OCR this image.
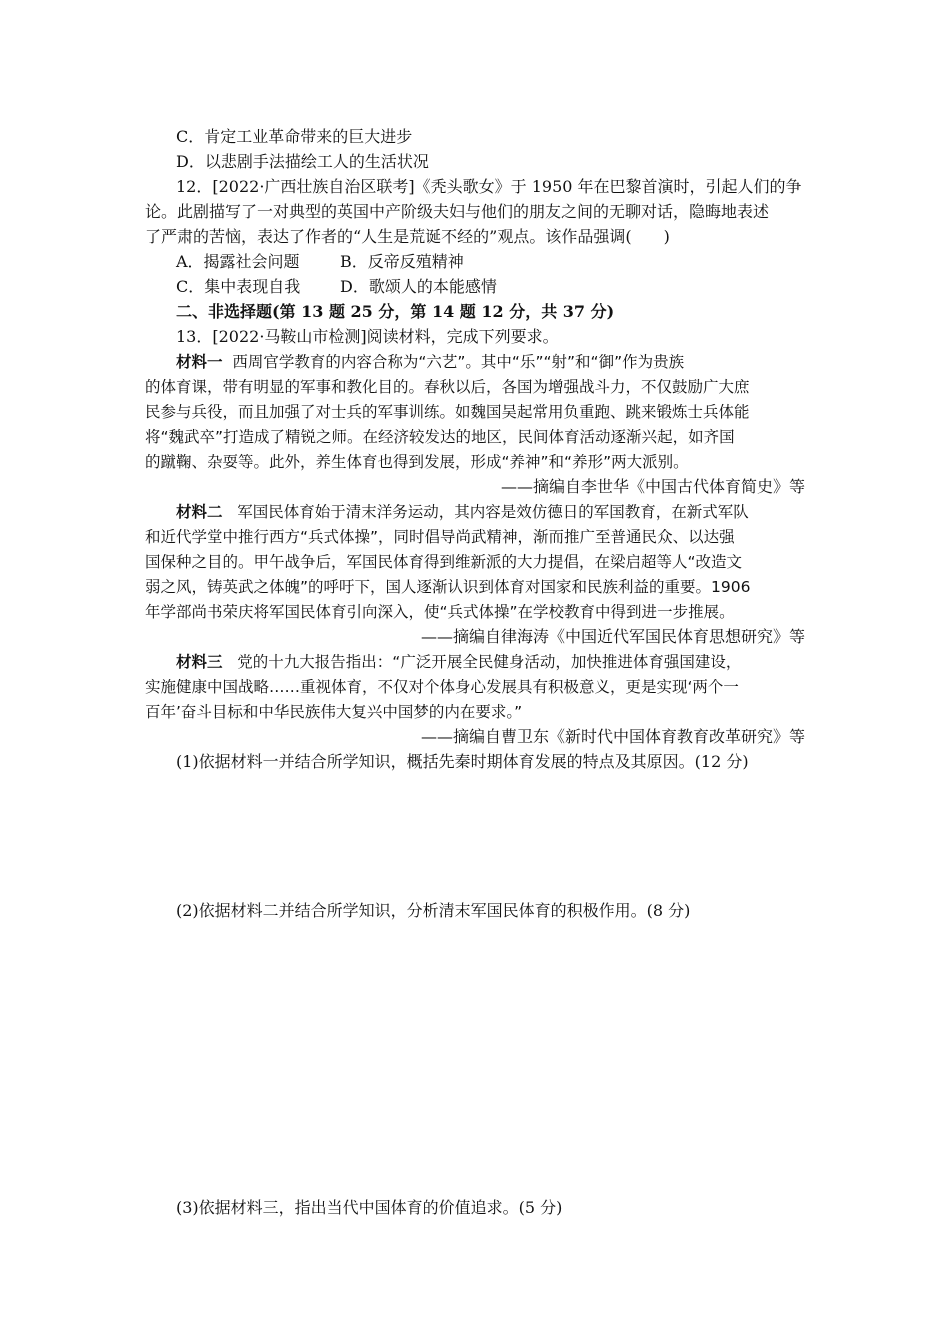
C．肯定工业革命带来的巨大进步
D．以悲剧手法描绘工人的生活状况
12．[2022·广西壮族自治区联考]《秃头歌女》于 1950 年在巴黎首演时，引起人们的争
论。此剧描写了一对典型的英国中产阶级夫妇与他们的朋友之间的无聊对话，隐晦地表述
了严肃的苦恼，表达了作者的“人生是荒诞不经的”观点。该作品强调(　　)
A．揭露社会问题	B．反帝反殖精神
C．集中表现自我 D．歌颂人的本能感情
二、非选择题(第 13 题 25 分，第 14 题 12 分，共 37 分)
13．[2022·马鞍山市检测]阅读材料，完成下列要求。
材料一 西周官学教育的内容合称为“六艺”。其中“乐”“射”和“御”作为贵族
的体育课，带有明显的军事和教化目的。春秋以后，各国为增强战斗力，不仅鼓励广大庶
民参与兵役，而且加强了对士兵的军事训练。如魏国吴起常用负重跑、跳来锻炼士兵体能
将“魏武卒”打造成了精锐之师。在经济较发达的地区，民间体育活动逐渐兴起，如齐国
的蹴鞠、杂耍等。此外，养生体育也得到发展，形成“养神”和“养形”两大派别。
——摘编自李世华《中国古代体育简史》等
材料二 军国民体育始于清末洋务运动，其内容是效仿德日的军国教育，在新式军队
和近代学堂中推行西方“兵式体操”，同时倡导尚武精神，渐而推广至普通民众、以达强
国保种之目的。甲午战争后，军国民体育得到维新派的大力提倡，在梁启超等人“改造文
弱之风，铸英武之体魄”的呼吁下，国人逐渐认识到体育对国家和民族利益的重要。1906
年学部尚书荣庆将军国民体育引向深入，使“兵式体操”在学校教育中得到进一步推展。
——摘编自律海涛《中国近代军国民体育思想研究》等
材料三 党的十九大报告指出：“广泛开展全民健身活动，加快推进体育强国建设，
实施健康中国战略……重视体育，不仅对个体身心发展具有积极意义，更是实现‘两个一
百年’奋斗目标和中华民族伟大复兴中国梦的内在要求。”
——摘编自曹卫东《新时代中国体育教育改革研究》等
(1)依据材料一并结合所学知识，概括先秦时期体育发展的特点及其原因。(12 分)
(2)依据材料二并结合所学知识，分析清末军国民体育的积极作用。(8 分)
(3)依据材料三，指出当代中国体育的价值追求。(5 分)
